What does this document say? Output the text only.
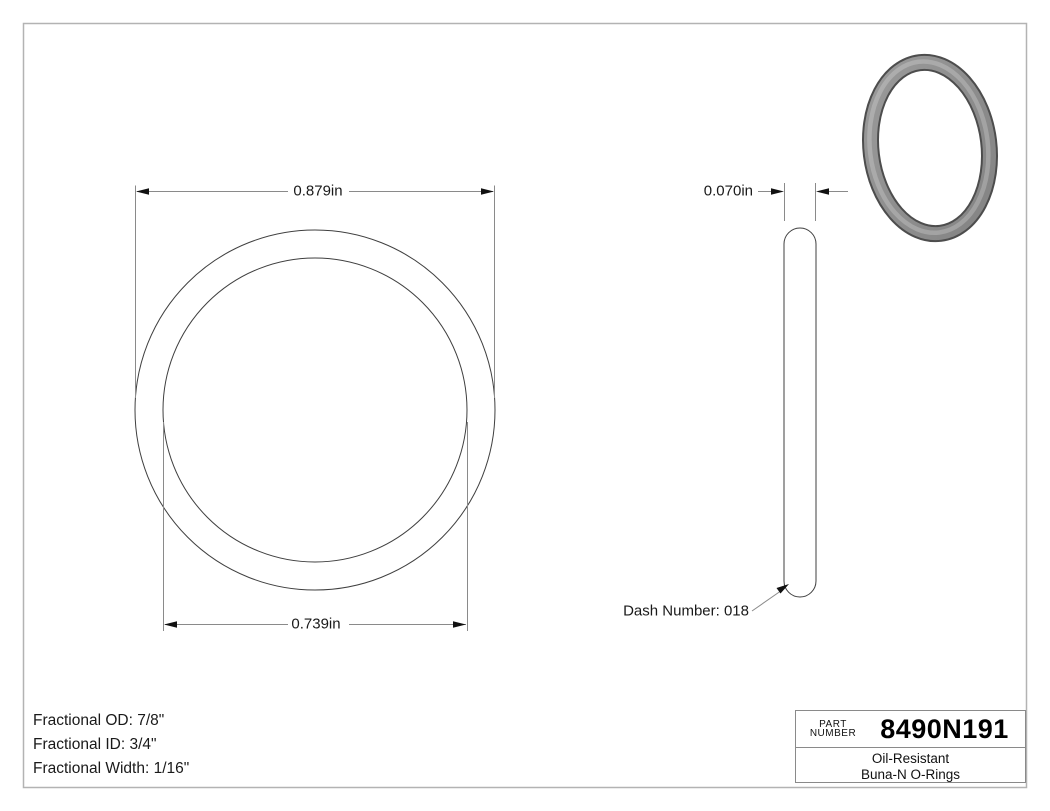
0.879in
0.739in
0.070in
Dash Number: 018
Fractional OD: 7/8"
Fractional ID: 3/4"
Fractional Width: 1/16"
PART
NUMBER 8490N191
Oil-Resistant
Buna-N O-Rings
